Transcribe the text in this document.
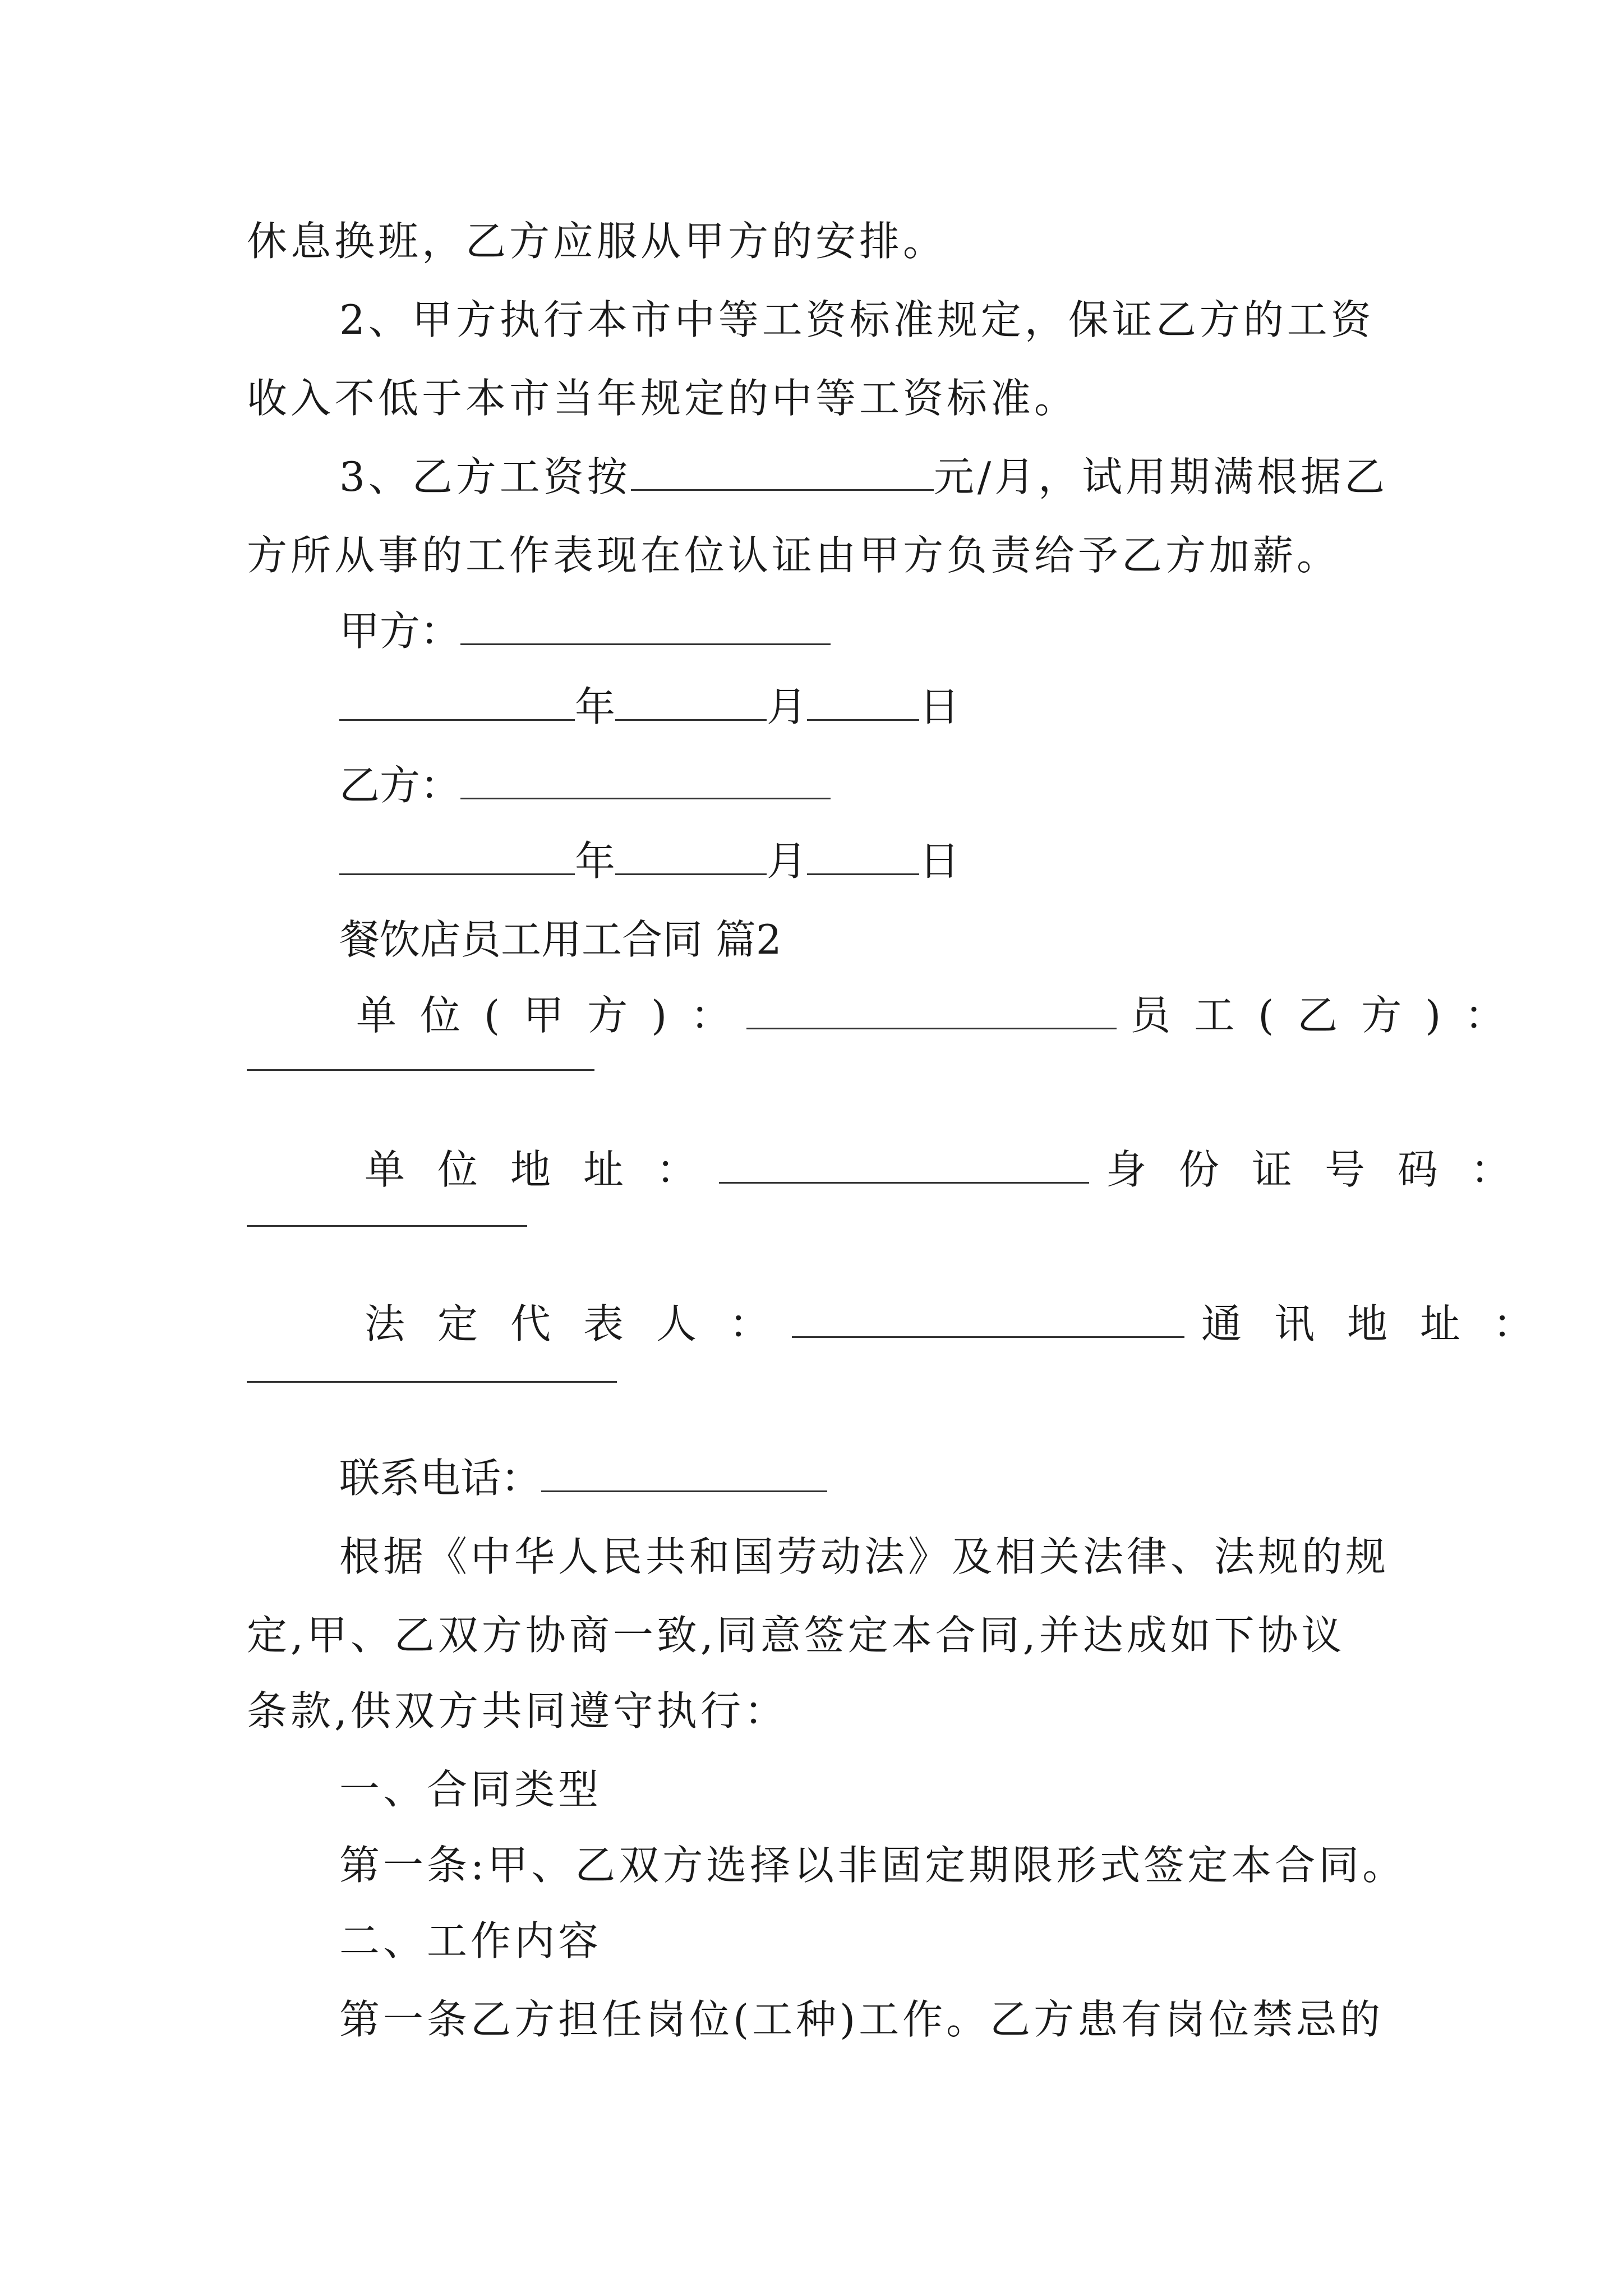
休息换班，乙方应服从甲方的安排。
2、甲方执行本市中等工资标准规定，保证乙方的工资
收入不低于本市当年规定的中等工资标准。
3、乙方工资按	元/月，试用期满根据乙
方所从事的工作表现在位认证由甲方负责给予乙方加薪。
甲方：
年	月	日
乙方：
年	月	日
餐饮店员工用工合同 篇2
单位(甲方)：	员工(乙方)：
单位地址：	身份证号码：
法定代表人：	通讯地址：
联系电话：
根据《中华人民共和国劳动法》及相关法律、法规的规
定,甲、乙双方协商一致,同意签定本合同,并达成如下协议
条款,供双方共同遵守执行：
一、合同类型
第一条:甲、乙双方选择以非固定期限形式签定本合同。
二、工作内容
第一条乙方担任岗位(工种)工作。乙方患有岗位禁忌的
